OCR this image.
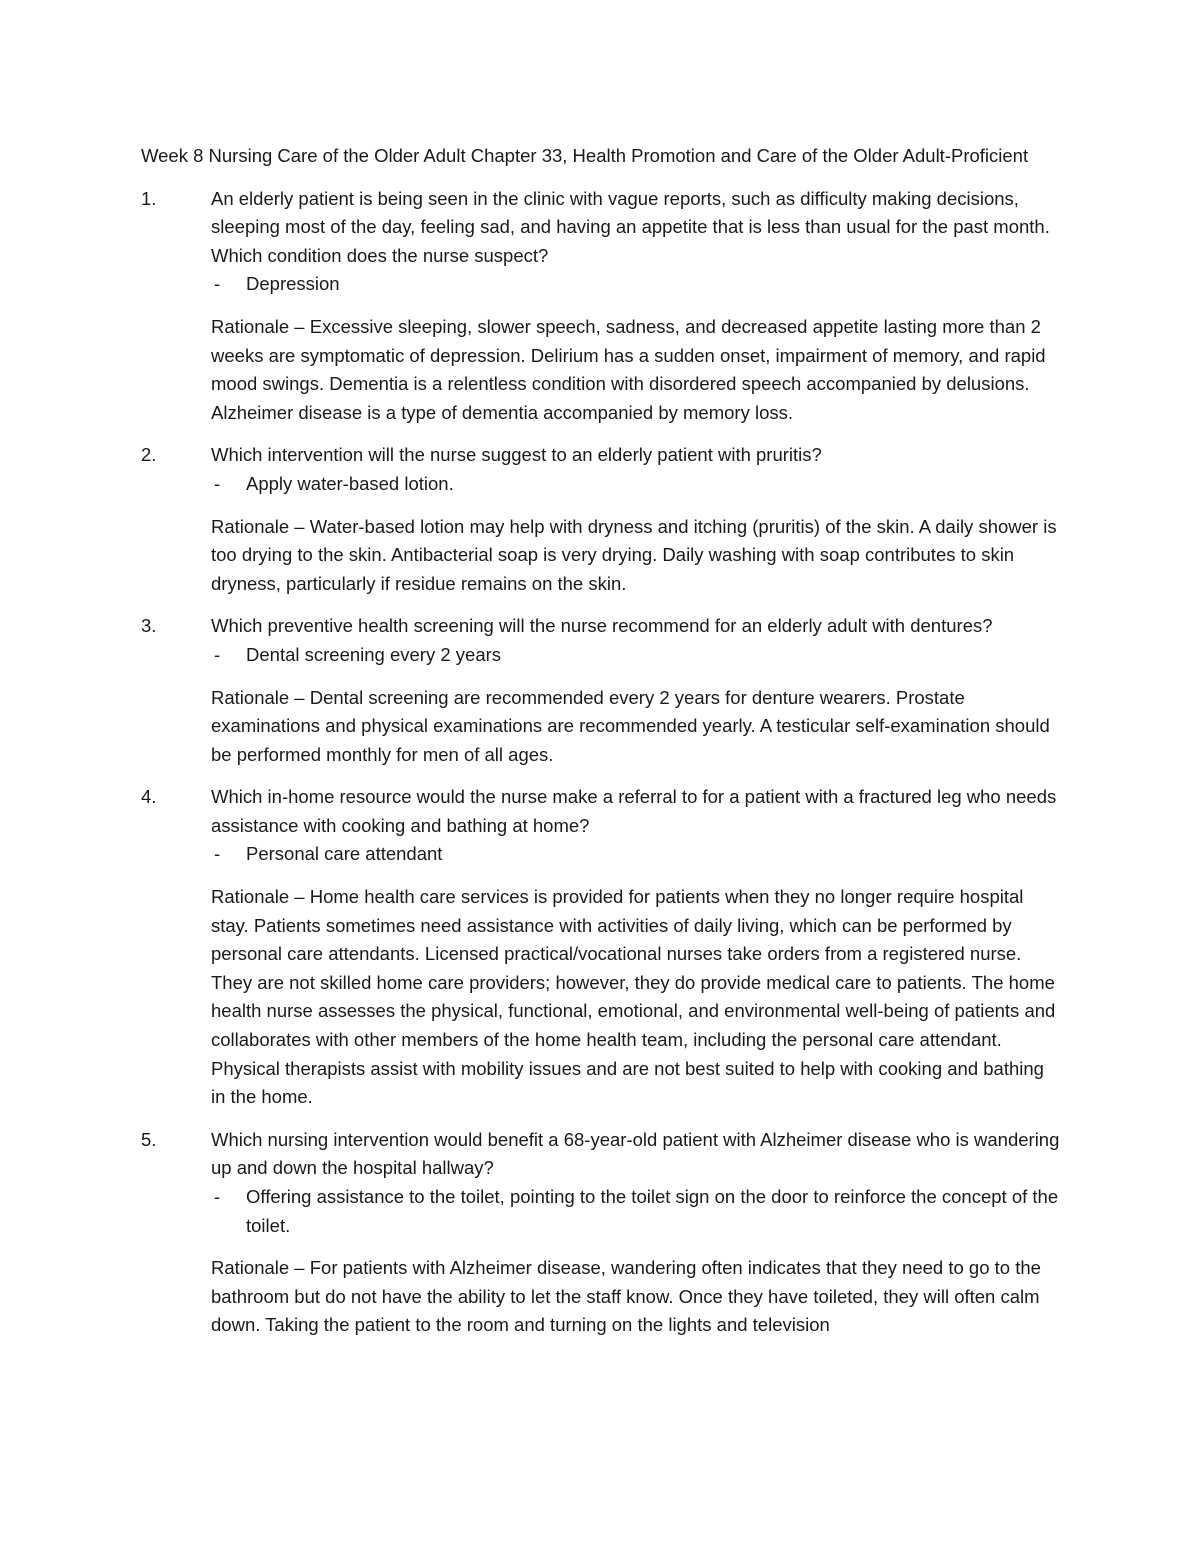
Week 8 Nursing Care of the Older Adult Chapter 33, Health Promotion and Care of the Older Adult-Proficient

1.	An elderly patient is being seen in the clinic with vague reports, such as difficulty making decisions, sleeping most of the day, feeling sad, and having an appetite that is less than usual for the past month. Which condition does the nurse suspect?

- Depression

Rationale – Excessive sleeping, slower speech, sadness, and decreased appetite lasting more than 2 weeks are symptomatic of depression. Delirium has a sudden onset, impairment of memory, and rapid mood swings. Dementia is a relentless condition with disordered speech accompanied by delusions. Alzheimer disease is a type of dementia accompanied by memory loss.

2.	Which intervention will the nurse suggest to an elderly patient with pruritis?

- Apply water-based lotion.

Rationale – Water-based lotion may help with dryness and itching (pruritis) of the skin. A daily shower is too drying to the skin. Antibacterial soap is very drying. Daily washing with soap contributes to skin dryness, particularly if residue remains on the skin.

3.	Which preventive health screening will the nurse recommend for an elderly adult with dentures?

- Dental screening every 2 years

Rationale – Dental screening are recommended every 2 years for denture wearers. Prostate examinations and physical examinations are recommended yearly. A testicular self-examination should be performed monthly for men of all ages.

4.	Which in-home resource would the nurse make a referral to for a patient with a fractured leg who needs assistance with cooking and bathing at home?

- Personal care attendant

Rationale – Home health care services is provided for patients when they no longer require hospital stay. Patients sometimes need assistance with activities of daily living, which can be performed by personal care attendants. Licensed practical/vocational nurses take orders from a registered nurse. They are not skilled home care providers; however, they do provide medical care to patients. The home health nurse assesses the physical, functional, emotional, and environmental well-being of patients and collaborates with other members of the home health team, including the personal care attendant. Physical therapists assist with mobility issues and are not best suited to help with cooking and bathing in the home.

5.	Which nursing intervention would benefit a 68-year-old patient with Alzheimer disease who is wandering up and down the hospital hallway?

- Offering assistance to the toilet, pointing to the toilet sign on the door to reinforce the concept of the toilet.

Rationale – For patients with Alzheimer disease, wandering often indicates that they need to go to the bathroom but do not have the ability to let the staff know. Once they have toileted, they will often calm down. Taking the patient to the room and turning on the lights and television
